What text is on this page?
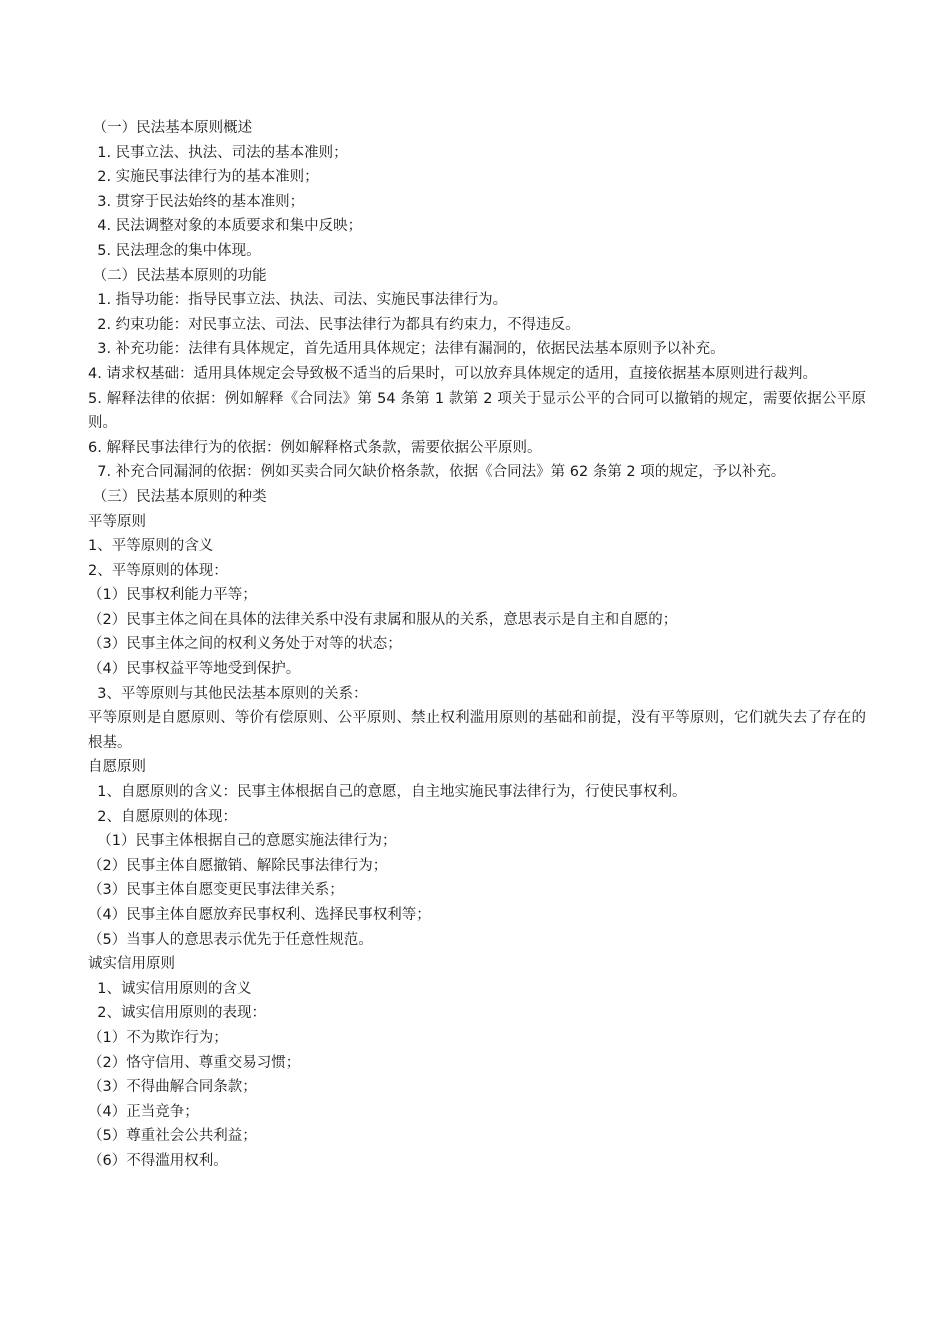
（一）民法基本原则概述
1. 民事立法、执法、司法的基本准则；
2. 实施民事法律行为的基本准则；
3. 贯穿于民法始终的基本准则；
4. 民法调整对象的本质要求和集中反映；
5. 民法理念的集中体现。
（二）民法基本原则的功能
1. 指导功能：指导民事立法、执法、司法、实施民事法律行为。
2. 约束功能：对民事立法、司法、民事法律行为都具有约束力，不得违反。
3. 补充功能：法律有具体规定，首先适用具体规定；法律有漏洞的，依据民法基本原则予以补充。
4. 请求权基础：适用具体规定会导致极不适当的后果时，可以放弃具体规定的适用，直接依据基本原则进行裁判。
5. 解释法律的依据：例如解释《合同法》第 54 条第 1 款第 2 项关于显示公平的合同可以撤销的规定，需要依据公平原则。
6. 解释民事法律行为的依据：例如解释格式条款，需要依据公平原则。
7. 补充合同漏洞的依据：例如买卖合同欠缺价格条款，依据《合同法》第 62 条第 2 项的规定，予以补充。
（三）民法基本原则的种类
平等原则
1、平等原则的含义
2、平等原则的体现：
（1）民事权利能力平等；
（2）民事主体之间在具体的法律关系中没有隶属和服从的关系，意思表示是自主和自愿的；
（3）民事主体之间的权利义务处于对等的状态；
（4）民事权益平等地受到保护。
3、平等原则与其他民法基本原则的关系：
平等原则是自愿原则、等价有偿原则、公平原则、禁止权利滥用原则的基础和前提，没有平等原则，它们就失去了存在的根基。
自愿原则
1、自愿原则的含义：民事主体根据自己的意愿，自主地实施民事法律行为，行使民事权利。
2、自愿原则的体现：
（1）民事主体根据自己的意愿实施法律行为；
（2）民事主体自愿撤销、解除民事法律行为；
（3）民事主体自愿变更民事法律关系；
（4）民事主体自愿放弃民事权利、选择民事权利等；
（5）当事人的意思表示优先于任意性规范。
诚实信用原则
1、诚实信用原则的含义
2、诚实信用原则的表现：
（1）不为欺诈行为；
（2）恪守信用、尊重交易习惯；
（3）不得曲解合同条款；
（4）正当竞争；
（5）尊重社会公共利益；
（6）不得滥用权利。
